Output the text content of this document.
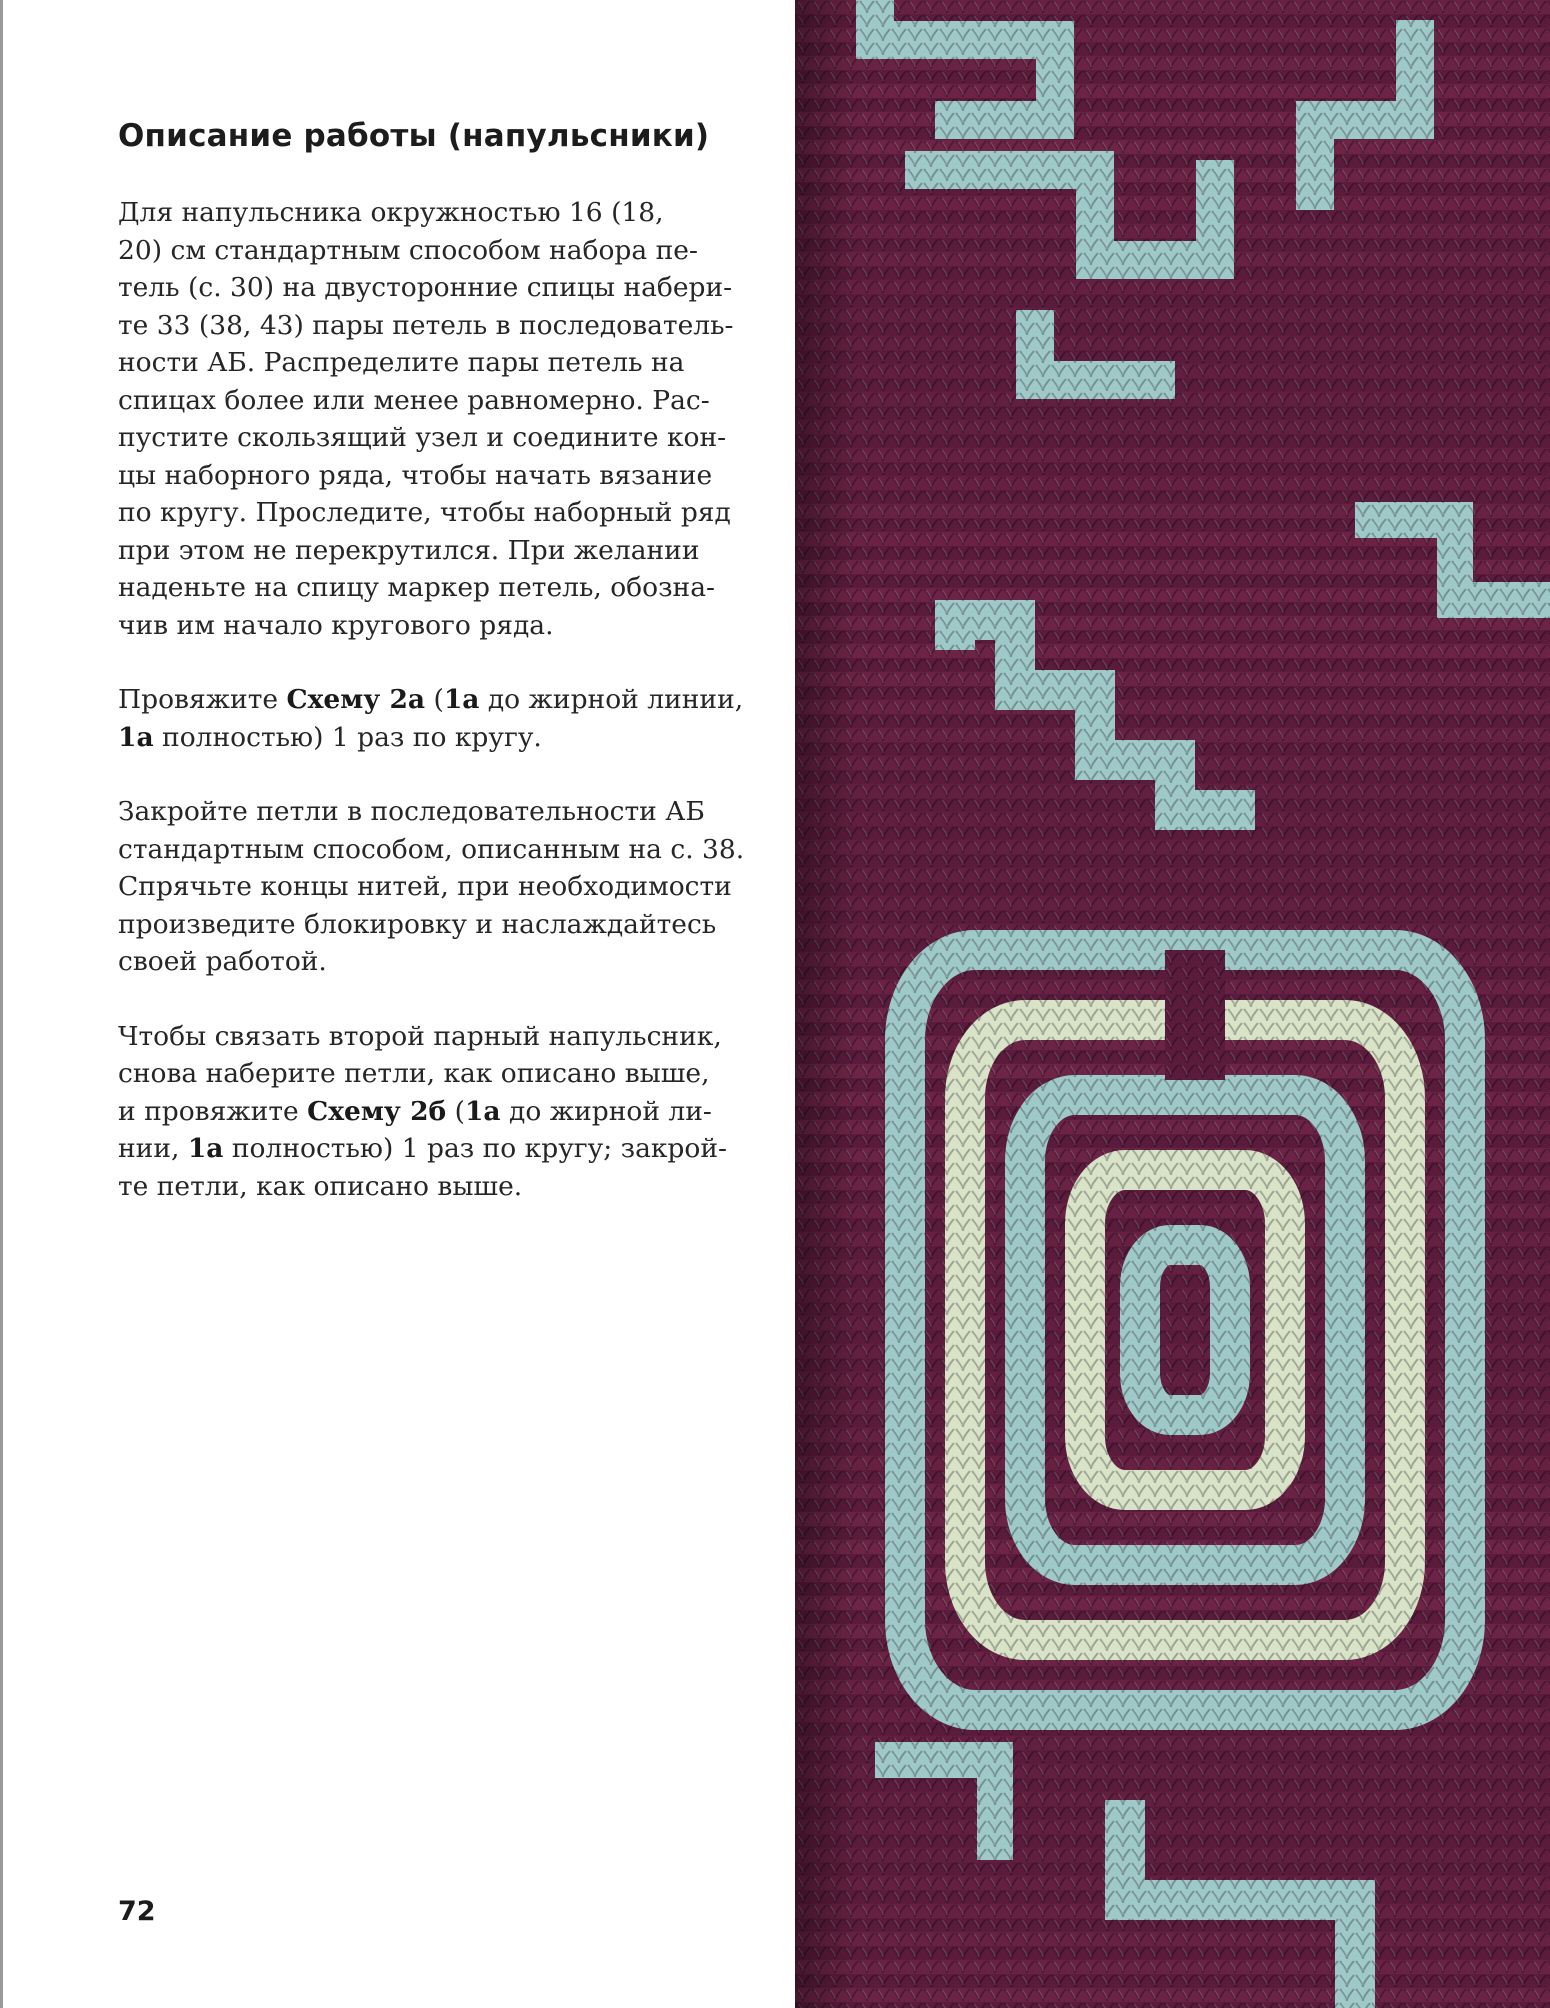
Описание работы (напульсники)

Для напульсника окружностью 16 (18,
20) см стандартным способом набора пе-
тель (с. 30) на двусторонние спицы набери-
те 33 (38, 43) пары петель в последователь-
ности АБ. Распределите пары петель на
спицах более или менее равномерно. Рас-
пустите скользящий узел и соедините кон-
цы наборного ряда, чтобы начать вязание
по кругу. Проследите, чтобы наборный ряд
при этом не перекрутился. При желании
наденьте на спицу маркер петель, обозна-
чив им начало кругового ряда.

Провяжите Схему 2а (1а до жирной линии,
1а полностью) 1 раз по кругу.

Закройте петли в последовательности АБ
стандартным способом, описанным на с. 38.
Спрячьте концы нитей, при необходимости
произведите блокировку и наслаждайтесь
своей работой.

Чтобы связать второй парный напульсник,
снова наберите петли, как описано выше,
и провяжите Схему 2б (1а до жирной ли-
нии, 1а полностью) 1 раз по кругу; закрой-
те петли, как описано выше.

72
